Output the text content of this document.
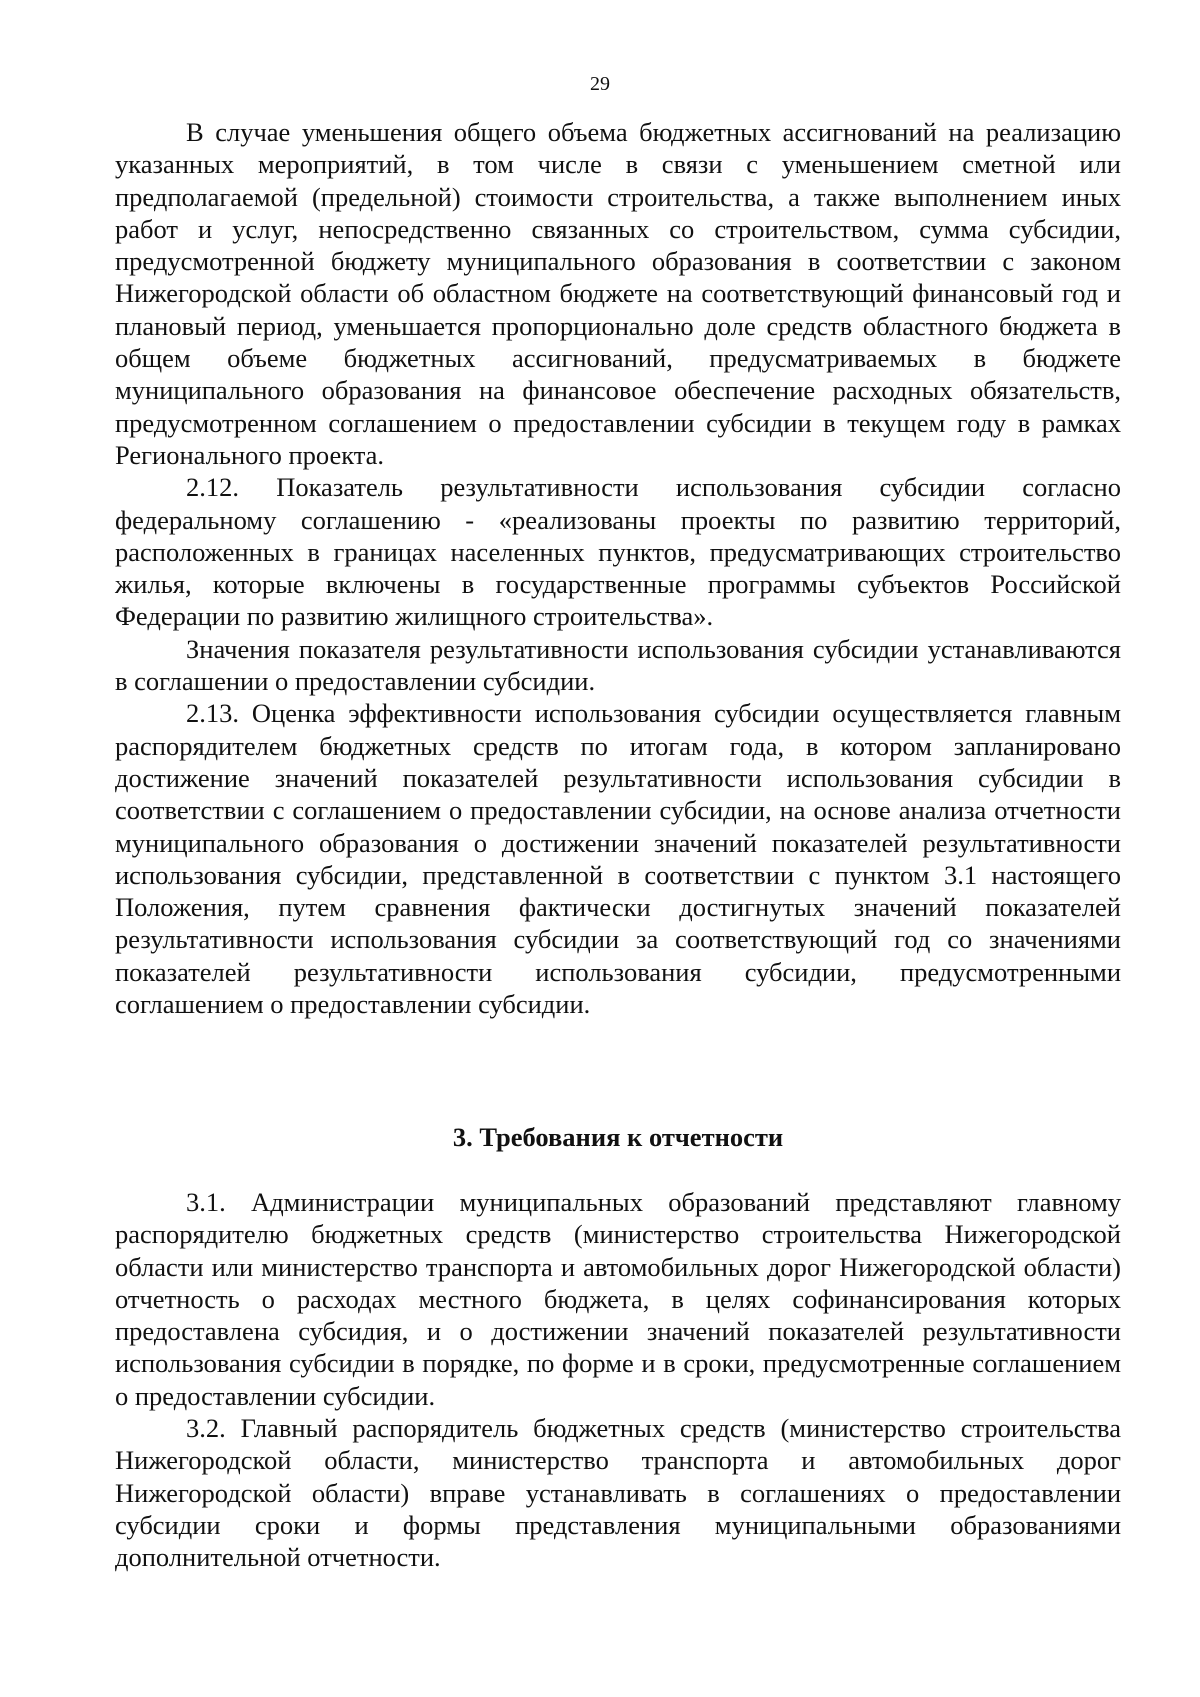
29

В случае уменьшения общего объема бюджетных ассигнований на реализацию указанных мероприятий, в том числе в связи с уменьшением сметной или предполагаемой (предельной) стоимости строительства, а также выполнением иных работ и услуг, непосредственно связанных со строительством, сумма субсидии, предусмотренной бюджету муниципального образования в соответствии с законом Нижегородской области об областном бюджете на соответствующий финансовый год и плановый период, уменьшается пропорционально доле средств областного бюджета в общем объеме бюджетных ассигнований, предусматриваемых в бюджете муниципального образования на финансовое обеспечение расходных обязательств, предусмотренном соглашением о предоставлении субсидии в текущем году в рамках Регионального проекта.

2.12. Показатель результативности использования субсидии согласно федеральному соглашению - «реализованы проекты по развитию территорий, расположенных в границах населенных пунктов, предусматривающих строительство жилья, которые включены в государственные программы субъектов Российской Федерации по развитию жилищного строительства».

Значения показателя результативности использования субсидии устанавливаются в соглашении о предоставлении субсидии.

2.13. Оценка эффективности использования субсидии осуществляется главным распорядителем бюджетных средств по итогам года, в котором запланировано достижение значений показателей результативности использования субсидии в соответствии с соглашением о предоставлении субсидии, на основе анализа отчетности муниципального образования о достижении значений показателей результативности использования субсидии, представленной в соответствии с пунктом 3.1 настоящего Положения, путем сравнения фактически достигнутых значений показателей результативности использования субсидии за соответствующий год со значениями показателей результативности использования субсидии, предусмотренными соглашением о предоставлении субсидии.

3. Требования к отчетности

3.1. Администрации муниципальных образований представляют главному распорядителю бюджетных средств (министерство строительства Нижегородской области или министерство транспорта и автомобильных дорог Нижегородской области) отчетность о расходах местного бюджета, в целях софинансирования которых предоставлена субсидия, и о достижении значений показателей результативности использования субсидии в порядке, по форме и в сроки, предусмотренные соглашением о предоставлении субсидии.

3.2. Главный распорядитель бюджетных средств (министерство строительства Нижегородской области, министерство транспорта и автомобильных дорог Нижегородской области) вправе устанавливать в соглашениях о предоставлении субсидии сроки и формы представления муниципальными образованиями дополнительной отчетности.
